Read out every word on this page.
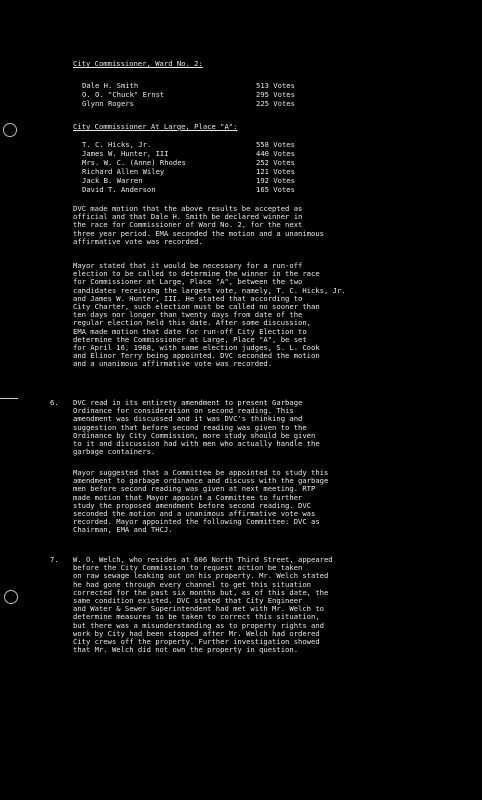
City Commissioner, Ward No. 2:
Dale H. Smith	513 Votes
O. O. "Chuck" Ernst	295 Votes
Glynn Rogers	225 Votes
City Commissioner At Large, Place "A":
T. C. Hicks, Jr.	558 Votes
James W. Hunter, III	440 Votes
Mrs. W. C. (Anne) Rhodes	252 Votes
Richard Allen Wiley	121 Votes
Jack B. Warren	192 Votes
David T. Anderson	165 Votes
DVC made motion that the above results be accepted as
official and that Dale H. Smith be declared winner in
the race for Commissioner of Ward No. 2, for the next
three year period. EMA seconded the motion and a unanimous
affirmative vote was recorded.
Mayor stated that it would be necessary for a run-off
election to be called to determine the winner in the race
for Commissioner at Large, Place "A", between the two
candidates receiving the largest vote, namely, T. C. Hicks, Jr.
and James W. Hunter, III. He stated that according to
City Charter, such election must be called no sooner than
ten days nor longer than twenty days from date of the
regular election held this date. After some discussion,
EMA made motion that date for run-off City Election to
determine the Commissioner at Large, Place "A", be set
for April 16, 1968, with same election judges, S. L. Cook
and Elinor Terry being appointed. DVC seconded the motion
and a unanimous affirmative vote was recorded.
6. DVC read in its entirety amendment to present Garbage
Ordinance for consideration on second reading. This
amendment was discussed and it was DVC's thinking and
suggestion that before second reading was given to the
Ordinance by City Commission, more study should be given
to it and discussion had with men who actually handle the
garbage containers.
Mayor suggested that a Committee be appointed to study this
amendment to garbage ordinance and discuss with the garbage
men before second reading was given at next meeting. RTP
made motion that Mayor appoint a Committee to further
study the proposed amendment before second reading. DVC
seconded the motion and a unanimous affirmative vote was
recorded. Mayor appointed the following Committee: DVC as
Chairman, EMA and THCJ.
7. W. O. Welch, who resides at 606 North Third Street, appeared
before the City Commission to request action be taken
on raw sewage leaking out on his property. Mr. Welch stated
he had gone through every channel to get this situation
corrected for the past six months but, as of this date, the
same condition existed. DVC stated that City Engineer
and Water & Sewer Superintendent had met with Mr. Welch to
determine measures to be taken to correct this situation,
but there was a misunderstanding as to property rights and
work by City had been stopped after Mr. Welch had ordered
City crews off the property. Further investigation showed
that Mr. Welch did not own the property in question.
